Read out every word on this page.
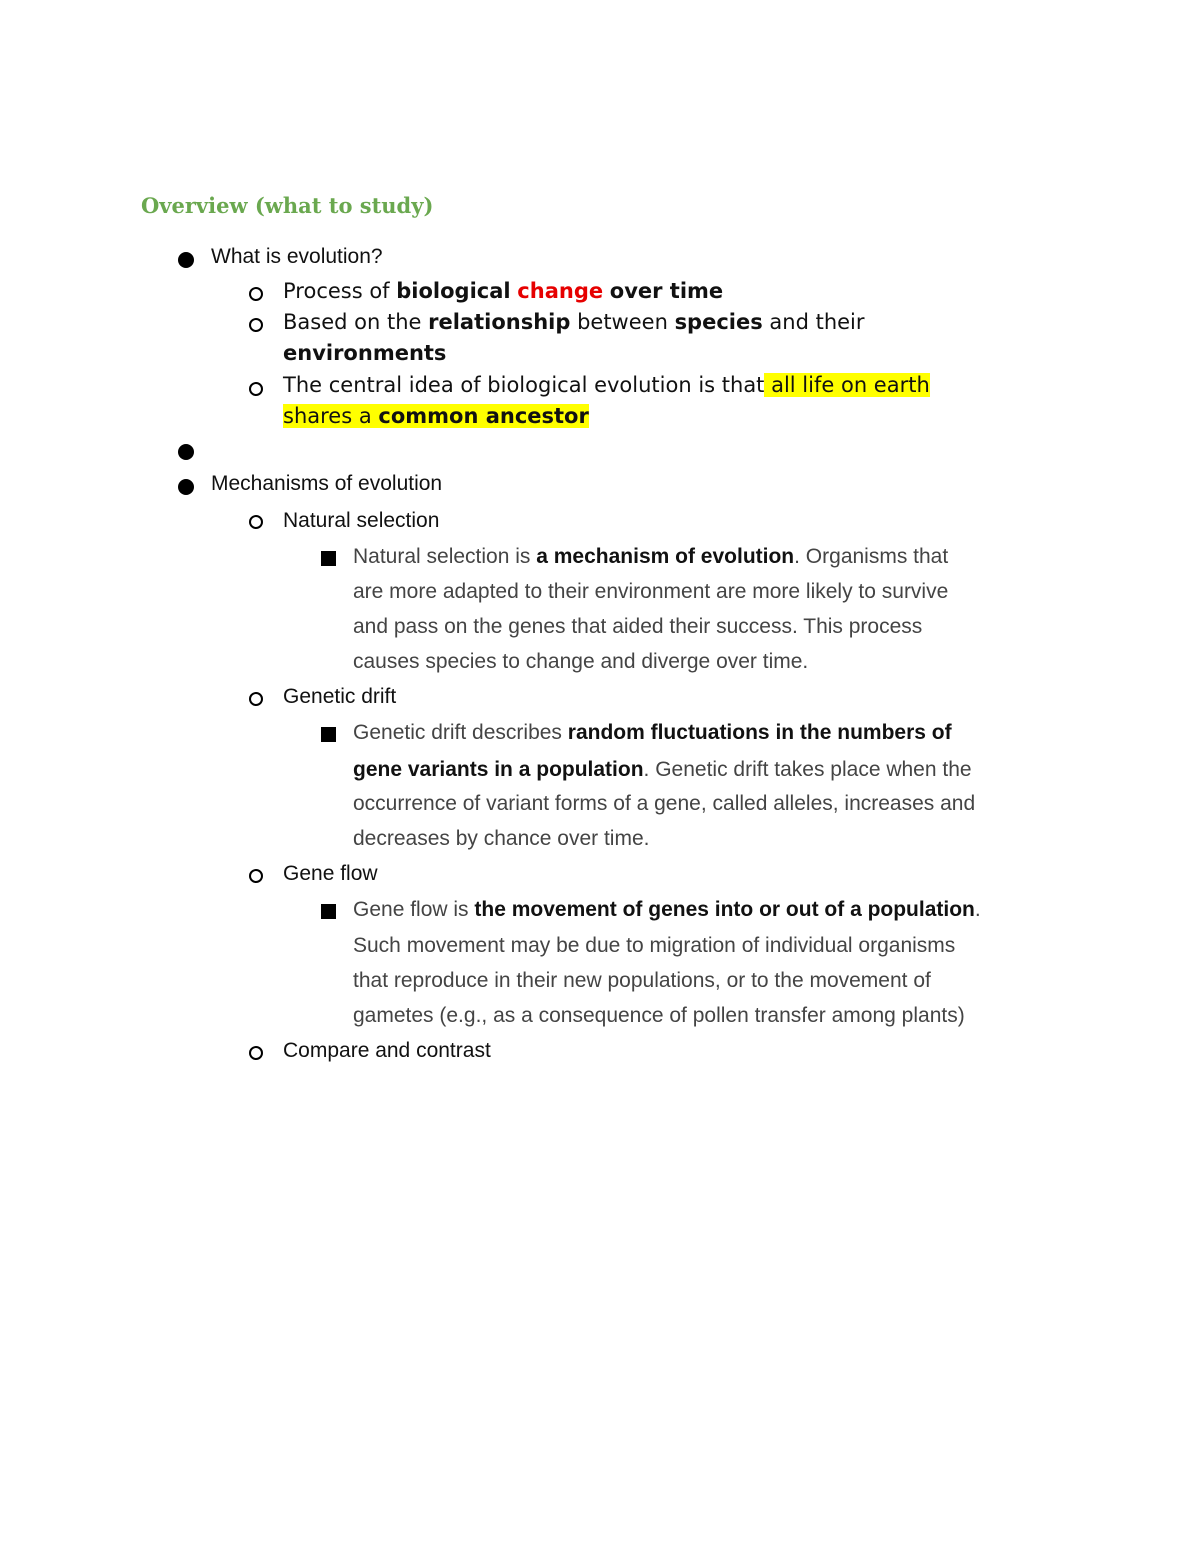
Overview (what to study)
What is evolution?
Process of biological change over time
Based on the relationship between species and their
environments
The central idea of biological evolution is that all life on earth
shares a common ancestor
Mechanisms of evolution
Natural selection
Natural selection is a mechanism of evolution. Organisms that
are more adapted to their environment are more likely to survive
and pass on the genes that aided their success. This process
causes species to change and diverge over time.
Genetic drift
Genetic drift describes random fluctuations in the numbers of
gene variants in a population. Genetic drift takes place when the
occurrence of variant forms of a gene, called alleles, increases and
decreases by chance over time.
Gene flow
Gene flow is the movement of genes into or out of a population.
Such movement may be due to migration of individual organisms
that reproduce in their new populations, or to the movement of
gametes (e.g., as a consequence of pollen transfer among plants)
Compare and contrast
